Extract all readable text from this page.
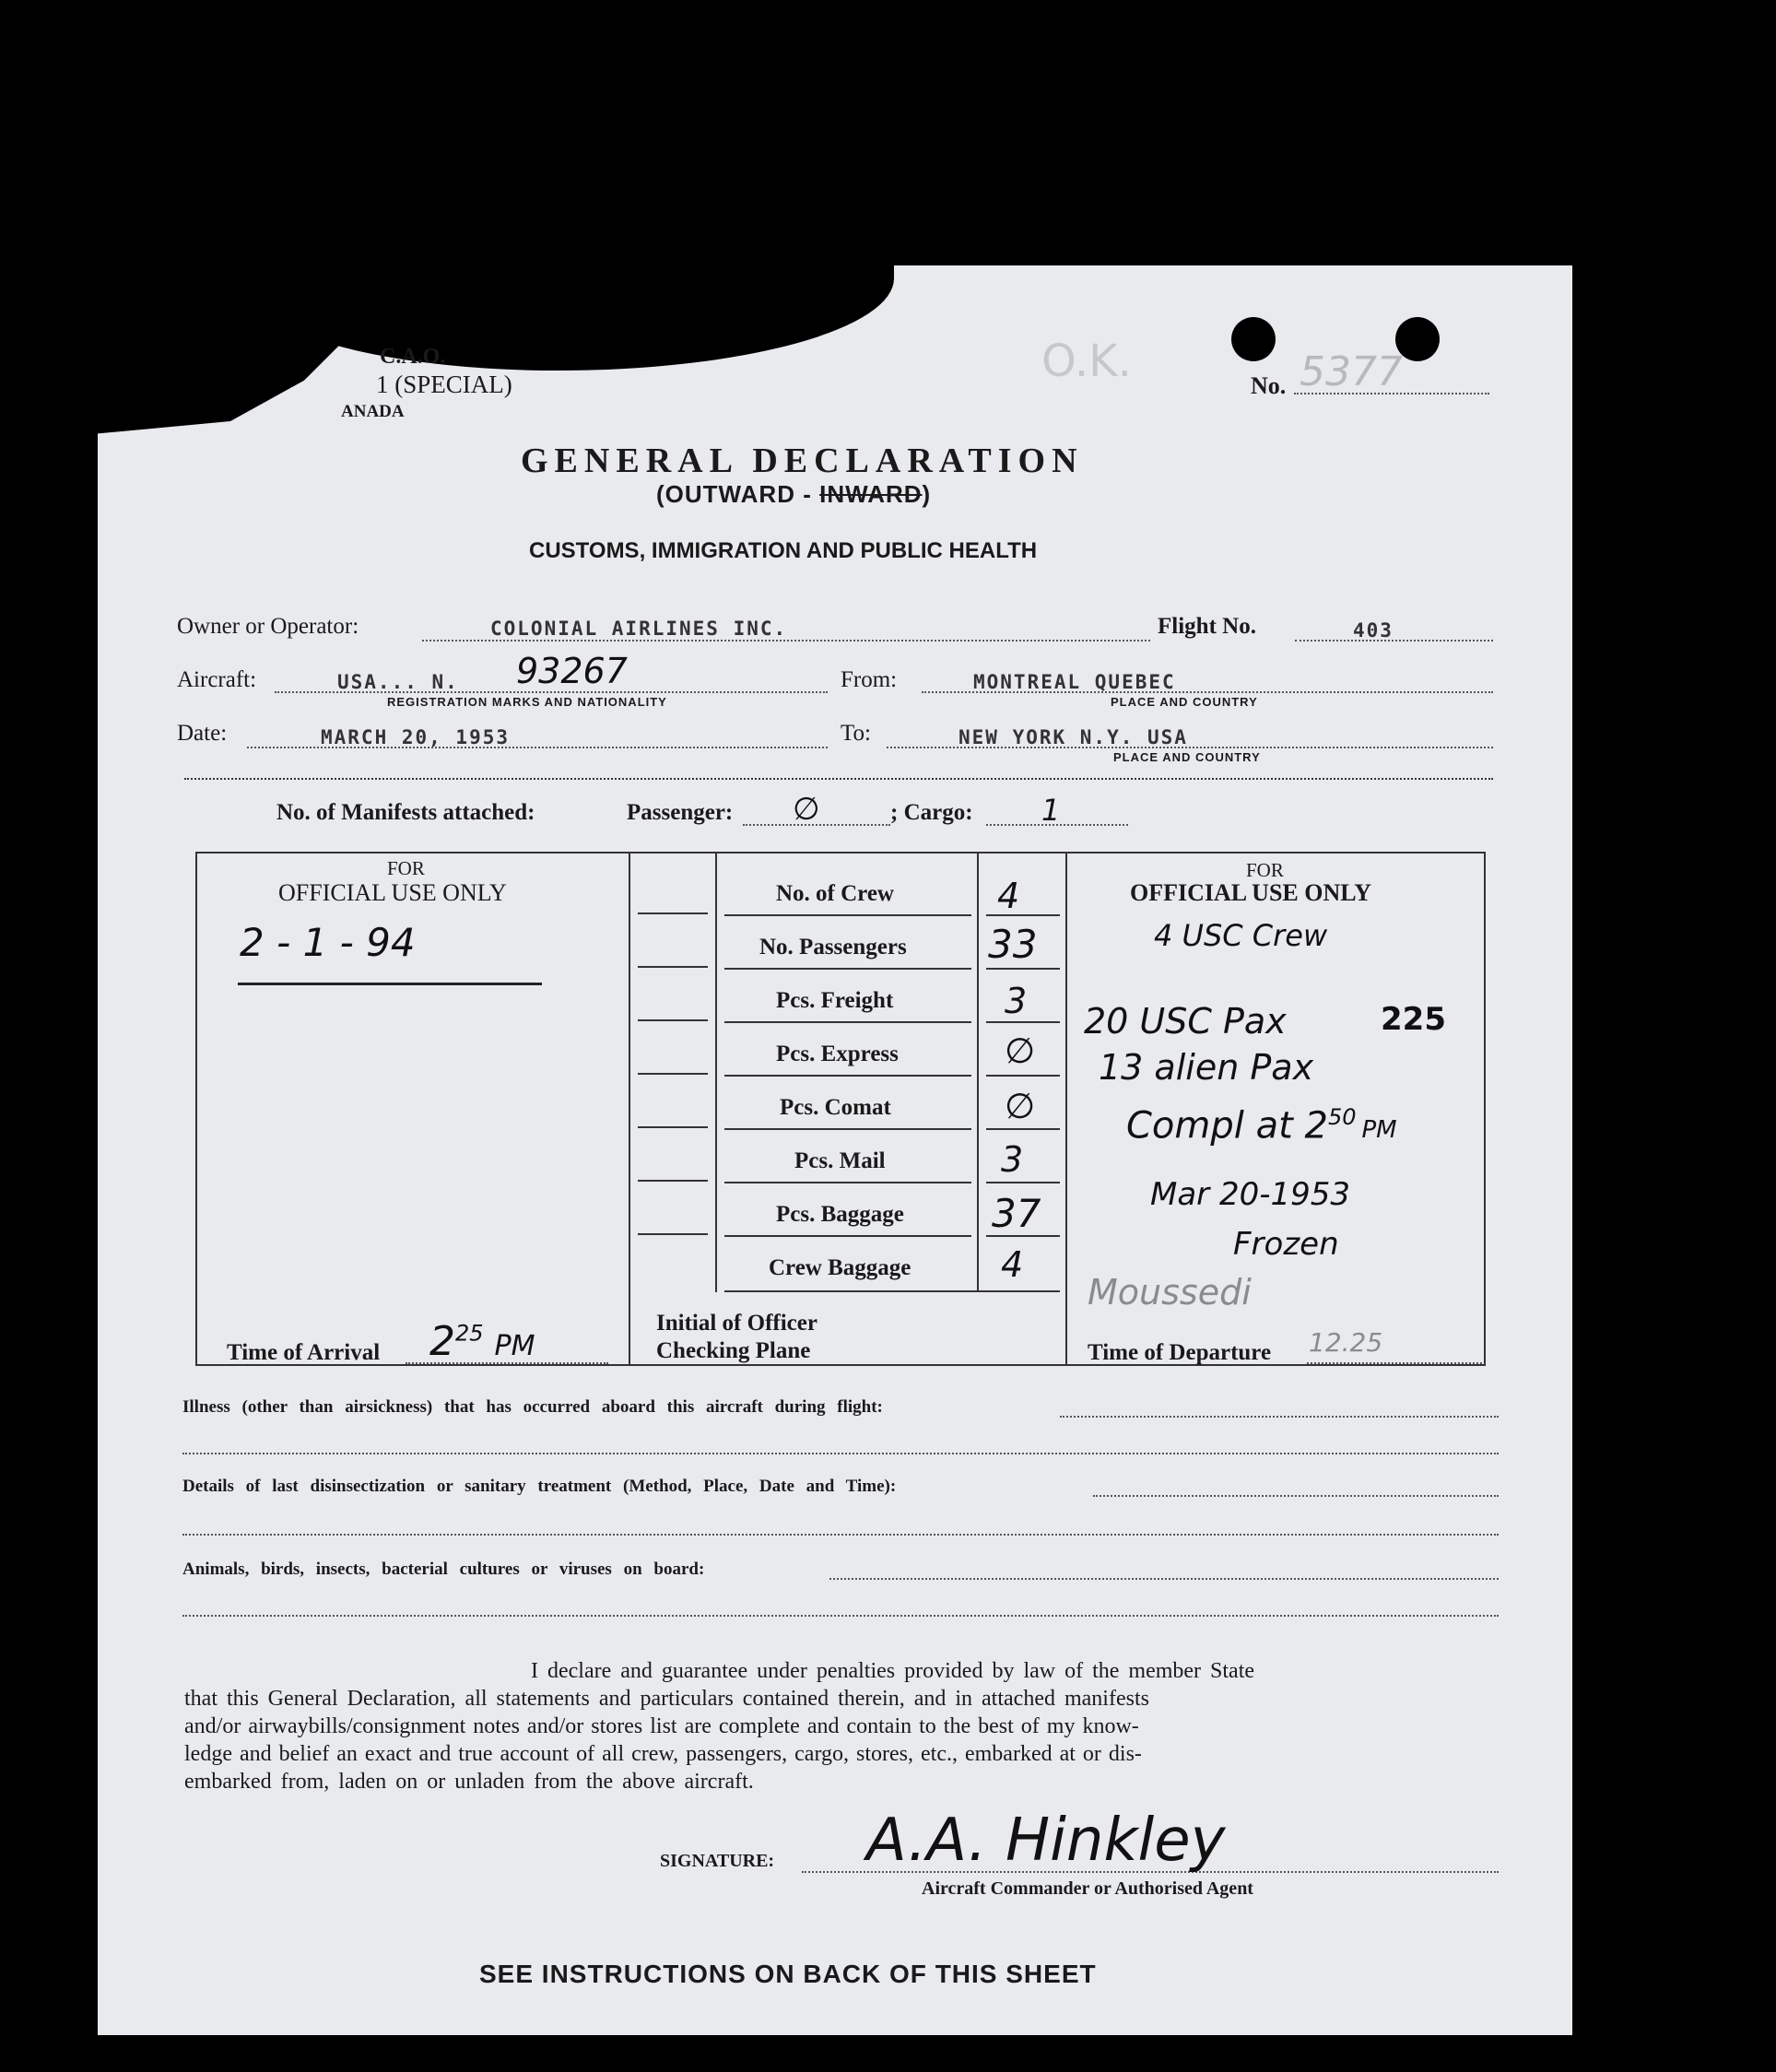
C.A.O.
1 (SPECIAL)
ANADA
O.K.	No. 5377
GENERAL DECLARATION
(OUTWARD - INWARD)
CUSTOMS, IMMIGRATION AND PUBLIC HEALTH
Owner or Operator:	COLONIAL AIRLINES INC.	Flight No.	403
Aircraft:	USA... N. 93267
REGISTRATION MARKS AND NATIONALITY
From:	MONTREAL QUEBEC
PLACE AND COUNTRY
Date:	MARCH 20, 1953	To:	NEW YORK N.Y. USA
PLACE AND COUNTRY
No. of Manifests attached:	Passenger: ∅	; Cargo: 1
FOR
OFFICIAL USE ONLY
2 - 1 - 94
Time of Arrival $2^{25}$ PM
No. of Crew	4
No. Passengers 33
Pcs. Freight	3
Pcs. Express	∅
Pcs. Comat	∅
Pcs. Mail	3
Pcs. Baggage 37
Crew Baggage	4
Initial of Officer
Checking Plane
FOR
OFFICIAL USE ONLY
4 USC Crew
20 USC Pax	225
13 alien Pax
Compl at $2^{50}$ PM
Mar 20-1953
Frozen
Moussedi
Time of Departure 12.25
Illness (other than airsickness) that has occurred aboard this aircraft during flight:
Details of last disinsectization or sanitary treatment (Method, Place, Date and Time):
Animals, birds, insects, bacterial cultures or viruses on board:
I declare and guarantee under penalties provided by law of the member State
that this General Declaration, all statements and particulars contained therein, and in attached manifests
and/or airwaybills/consignment notes and/or stores list are complete and contain to the best of my know-
ledge and belief an exact and true account of all crew, passengers, cargo, stores, etc., embarked at or dis-
embarked from, laden on or unladen from the above aircraft.
SIGNATURE: A.A. Hinkley
Aircraft Commander or Authorised Agent
SEE INSTRUCTIONS ON BACK OF THIS SHEET
